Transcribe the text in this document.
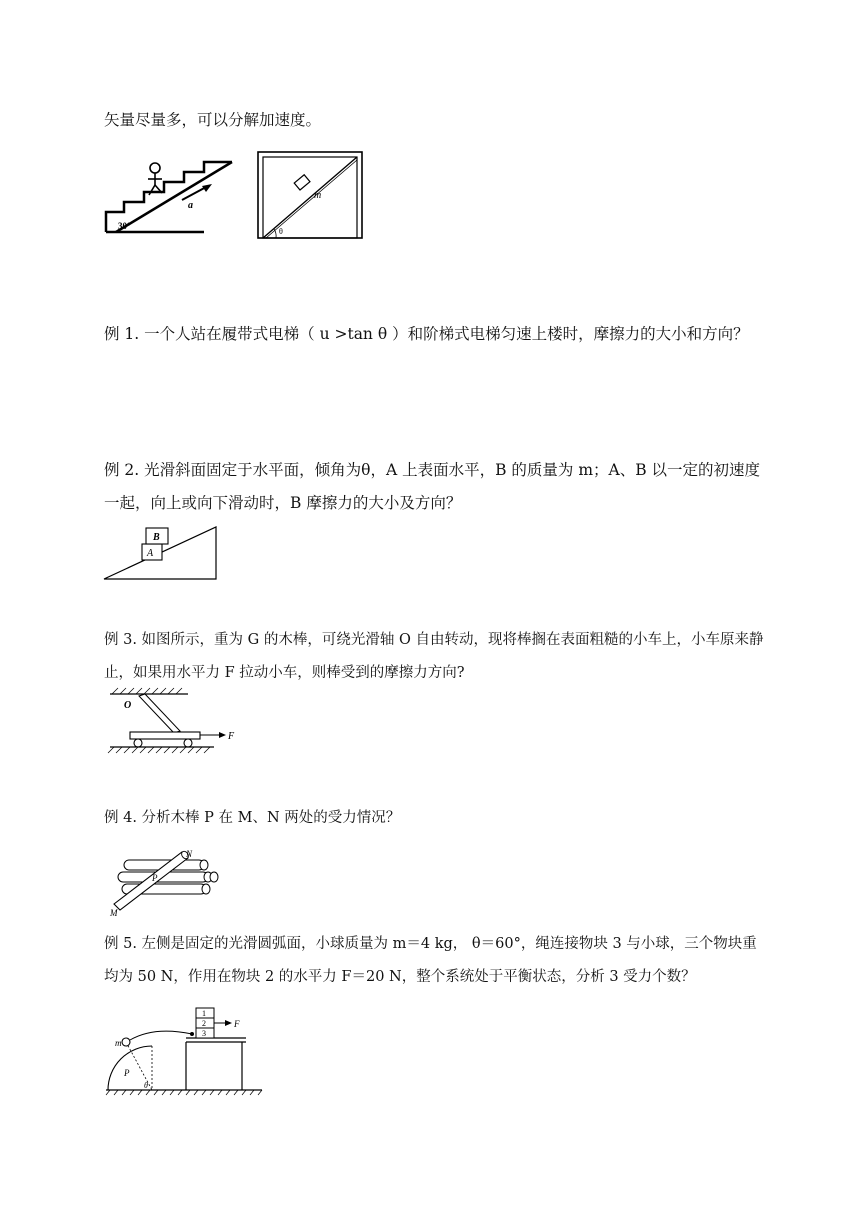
矢量尽量多，可以分解加速度。

a
30°
m
θ

例 1. 一个人站在履带式电梯（ u >tan θ ）和阶梯式电梯匀速上楼时，摩擦力的大小和方向？

例 2. 光滑斜面固定于水平面，倾角为θ，A 上表面水平，B 的质量为 m；A、B 以一定的初速度一起，向上或向下滑动时，B 摩擦力的大小及方向？

A
B

例 3. 如图所示，重为 G 的木棒，可绕光滑轴 O 自由转动，现将棒搁在表面粗糙的小车上，小车原来静止，如果用水平力 F 拉动小车，则棒受到的摩擦力方向?

O
F

例 4. 分析木棒 P 在 M、N 两处的受力情况？

N
P
M

例 5. 左侧是固定的光滑圆弧面，小球质量为 m＝4 kg， θ＝60°，绳连接物块 3 与小球，三个物块重均为 50 N，作用在物块 2 的水平力 F＝20 N，整个系统处于平衡状态，分析 3 受力个数？

1
2
3
F
m
P
θ
